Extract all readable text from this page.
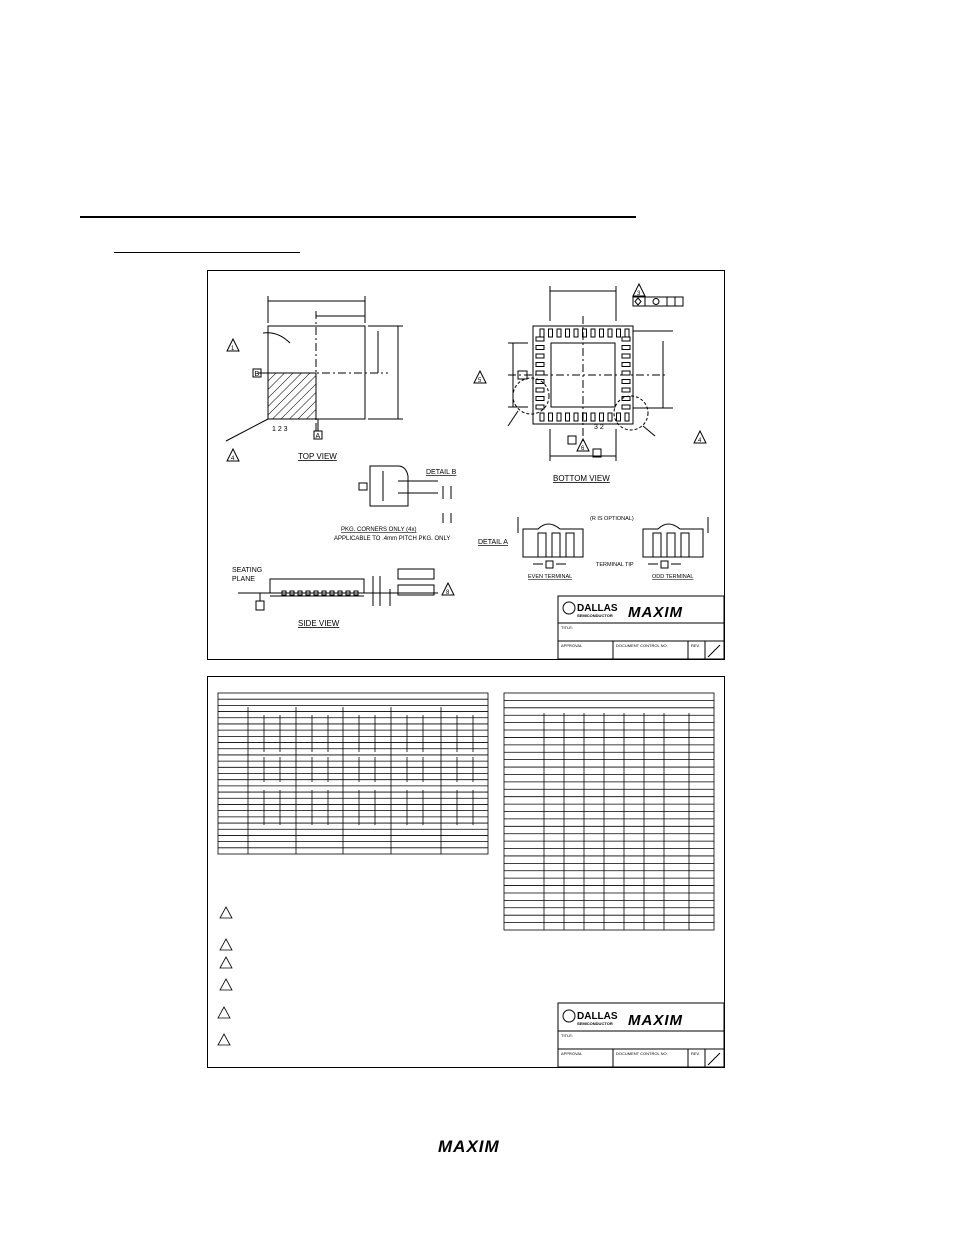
1 2 3
B
A
1
4	TOP VIEW
3
5
6
4
3 2
BOTTOM VIEW
DETAIL B
PKG. CORNERS ONLY (4x)
APPLICABLE TO .4mm PITCH PKG. ONLY
SEATING
PLANE
SIDE VIEW
8
DETAIL A
(R IS OPTIONAL)
TERMINAL TIP
EVEN TERMINAL	ODD TERMINAL
DALLAS
SEMICONDUCTOR MAXIM
TITLE:
APPROVAL	DOCUMENT CONTROL NO.	REV.
DALLAS
SEMICONDUCTOR MAXIM
TITLE:
APPROVAL	DOCUMENT CONTROL NO.	REV.
MAXIM
